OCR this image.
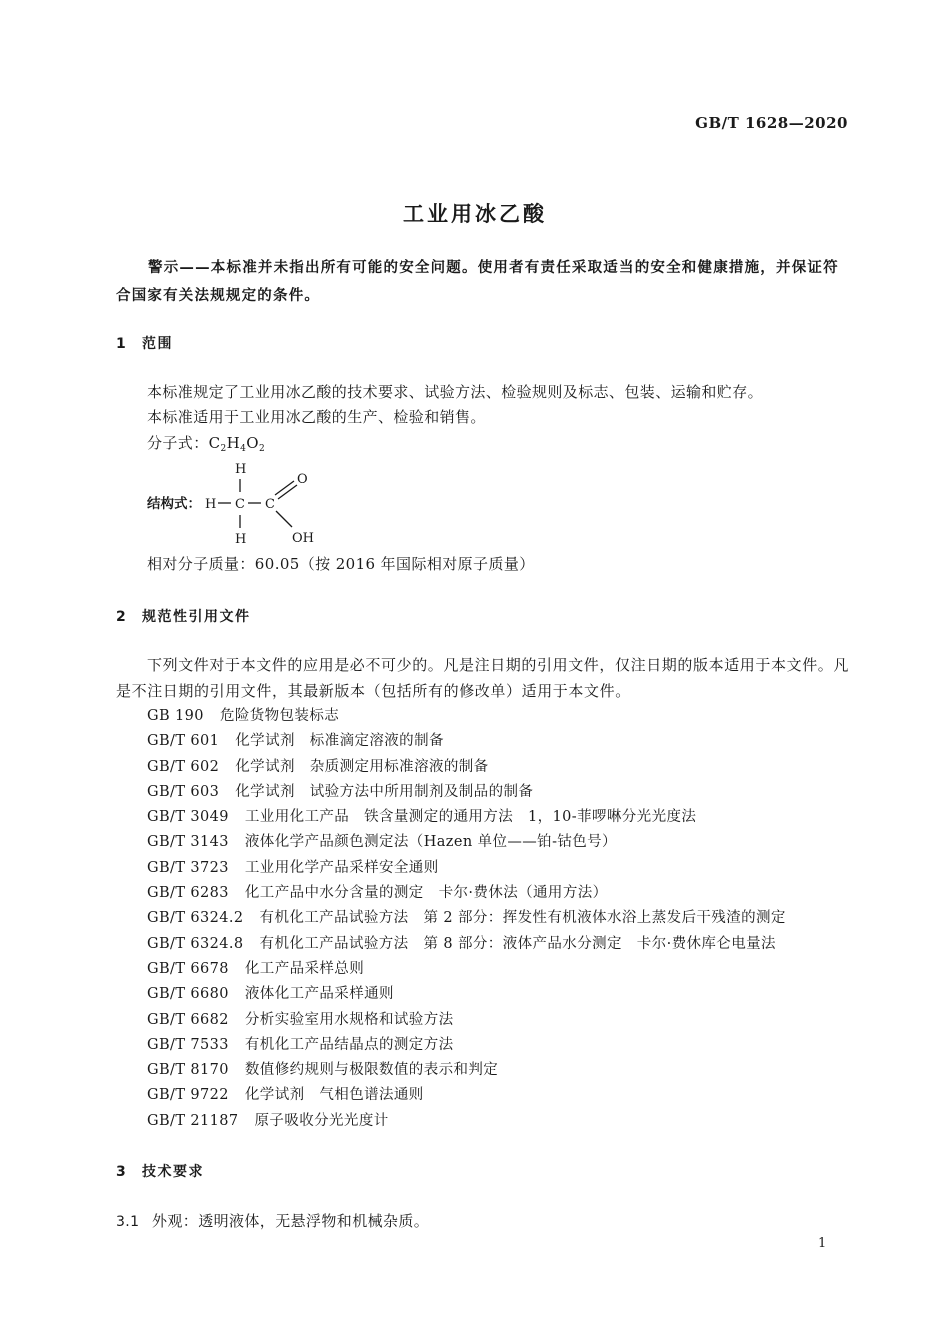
GB/T 1628—2020
工业用冰乙酸
警示——本标准并未指出所有可能的安全问题。使用者有责任采取适当的安全和健康措施，并保证符合国家有关法规规定的条件。
1 范围
本标准规定了工业用冰乙酸的技术要求、试验方法、检验规则及标志、包装、运输和贮存。
本标准适用于工业用冰乙酸的生产、检验和销售。
分子式：$C_2H_4O_2$
结构式：
H
H C C
H
O
OH
相对分子质量：60.05（按 2016 年国际相对原子质量）
2 规范性引用文件
下列文件对于本文件的应用是必不可少的。凡是注日期的引用文件，仅注日期的版本适用于本文件。凡是不注日期的引用文件，其最新版本（包括所有的修改单）适用于本文件。
GB 190 危险货物包装标志
GB/T 601 化学试剂　标准滴定溶液的制备
GB/T 602 化学试剂　杂质测定用标准溶液的制备
GB/T 603 化学试剂　试验方法中所用制剂及制品的制备
GB/T 3049 工业用化工产品　铁含量测定的通用方法　1，10-菲啰啉分光光度法
GB/T 3143 液体化学产品颜色测定法（Hazen 单位——铂-钴色号）
GB/T 3723 工业用化学产品采样安全通则
GB/T 6283 化工产品中水分含量的测定　卡尔·费休法（通用方法）
GB/T 6324.2 有机化工产品试验方法　第 2 部分：挥发性有机液体水浴上蒸发后干残渣的测定
GB/T 6324.8 有机化工产品试验方法　第 8 部分：液体产品水分测定　卡尔·费休库仑电量法
GB/T 6678 化工产品采样总则
GB/T 6680 液体化工产品采样通则
GB/T 6682 分析实验室用水规格和试验方法
GB/T 7533 有机化工产品结晶点的测定方法
GB/T 8170 数值修约规则与极限数值的表示和判定
GB/T 9722 化学试剂　气相色谱法通则
GB/T 21187 原子吸收分光光度计
3 技术要求
3.1 外观：透明液体，无悬浮物和机械杂质。
1
